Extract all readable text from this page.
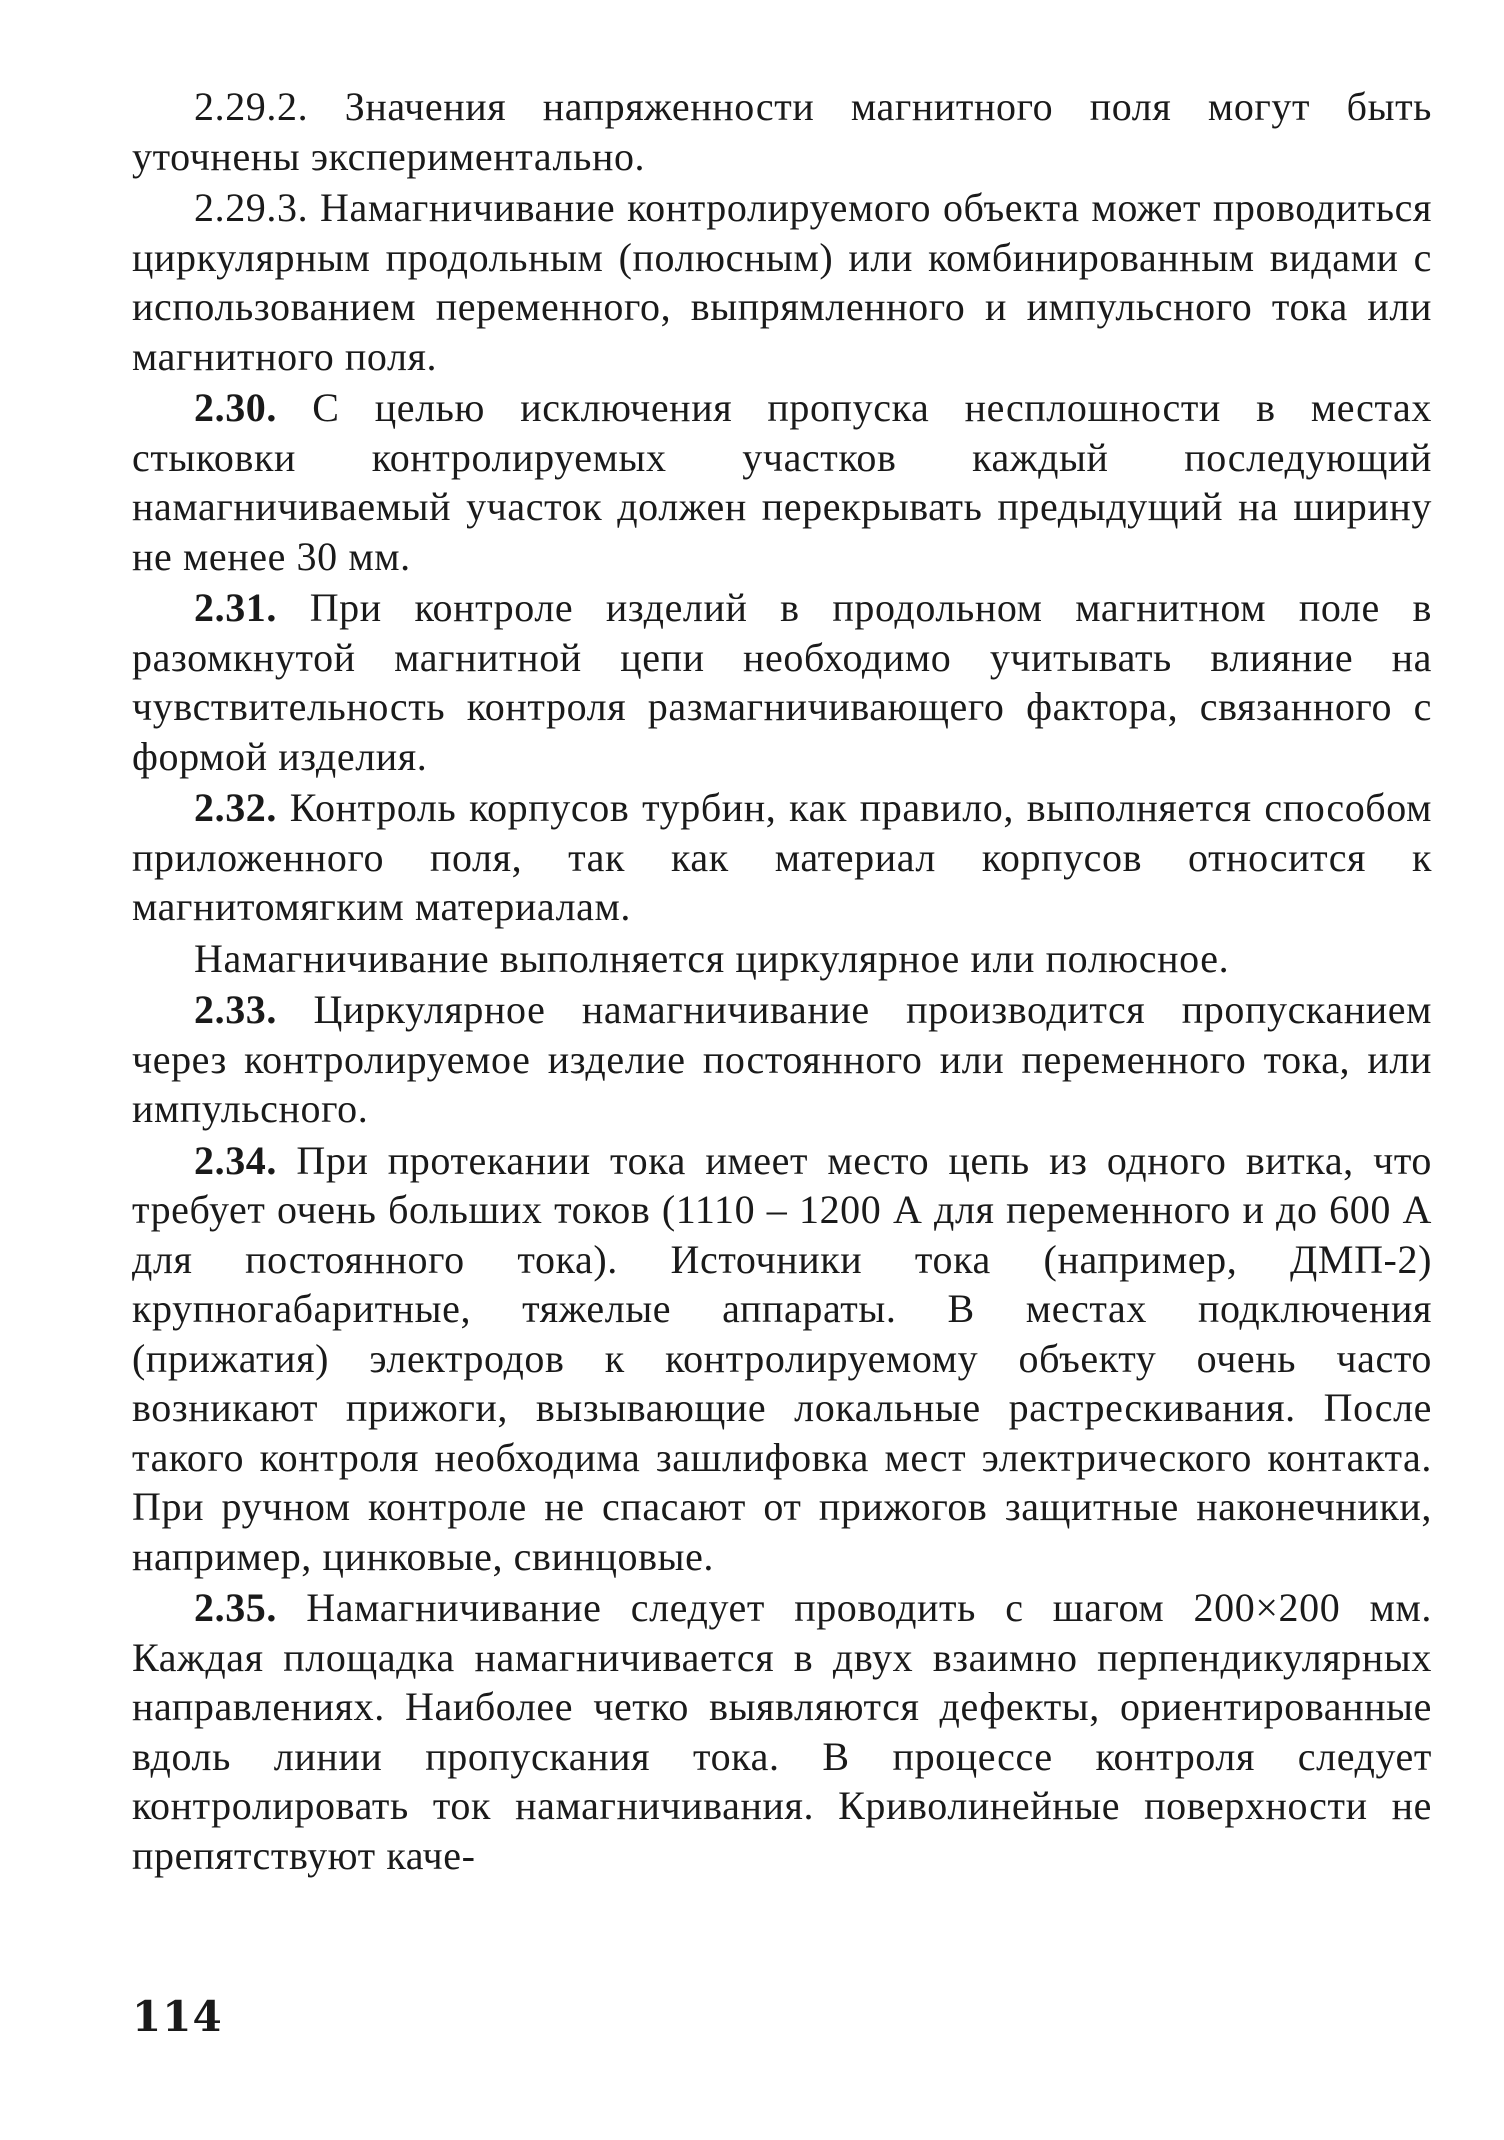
2.29.2. Значения напряженности магнитного поля могут быть уточнены экспериментально.

2.29.3. Намагничивание контролируемого объекта может проводиться циркулярным продольным (полюсным) или комбинированным видами с использованием переменного, выпрямленного и импульсного тока или магнитного поля.

2.30. С целью исключения пропуска несплошности в местах стыковки контролируемых участков каждый последующий намагничиваемый участок должен перекрывать предыдущий на ширину не менее 30 мм.

2.31. При контроле изделий в продольном магнитном поле в разомкнутой магнитной цепи необходимо учитывать влияние на чувствительность контроля размагничивающего фактора, связанного с формой изделия.

2.32. Контроль корпусов турбин, как правило, выполняется способом приложенного поля, так как материал корпусов относится к магнитомягким материалам.

Намагничивание выполняется циркулярное или полюсное.

2.33. Циркулярное намагничивание производится пропусканием через контролируемое изделие постоянного или переменного тока, или импульсного.

2.34. При протекании тока имеет место цепь из одного витка, что требует очень больших токов (1110 – 1200 А для переменного и до 600 А для постоянного тока). Источники тока (например, ДМП-2) крупногабаритные, тяжелые аппараты. В местах подключения (прижатия) электродов к контролируемому объекту очень часто возникают прижоги, вызывающие локальные растрескивания. После такого контроля необходима зашлифовка мест электрического контакта. При ручном контроле не спасают от прижогов защитные наконечники, например, цинковые, свинцовые.

2.35. Намагничивание следует проводить с шагом 200×200 мм. Каждая площадка намагничивается в двух взаимно перпендикулярных направлениях. Наиболее четко выявляются дефекты, ориентированные вдоль линии пропускания тока. В процессе контроля следует контролировать ток намагничивания. Криволинейные поверхности не препятствуют каче-

114
